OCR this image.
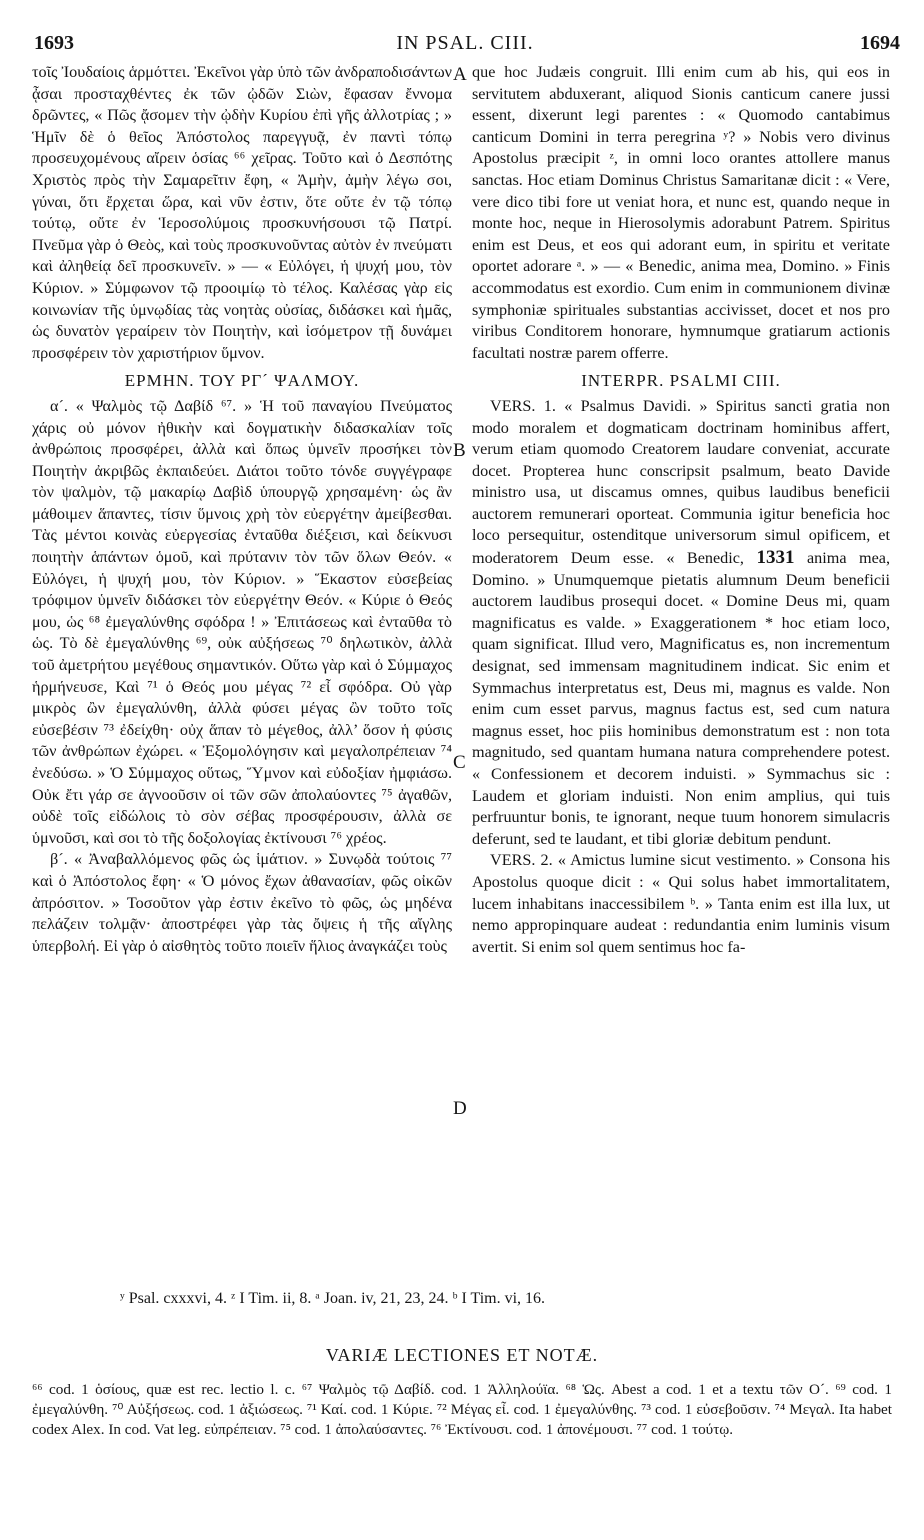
1693	IN PSAL. CIII.	1694

τοῖς Ἰουδαίοις ἁρμόττει. Ἐκεῖνοι γὰρ ὑπὸ τῶν ἀνδραποδισάντων ᾆσαι προσταχθέντες ἐκ τῶν ᾠδῶν Σιὼν, ἔφασαν ἔννομα δρῶντες, « Πῶς ᾄσομεν τὴν ᾠδὴν Κυρίου ἐπὶ γῆς ἀλλοτρίας ; » Ἡμῖν δὲ ὁ θεῖος Ἀπόστολος παρεγγυᾷ, ἐν παντὶ τόπῳ προσευχομένους αἴρειν ὁσίας ⁶⁶ χεῖρας. Τοῦτο καὶ ὁ Δεσπότης Χριστὸς πρὸς τὴν Σαμαρεῖτιν ἔφη, « Ἀμὴν, ἀμὴν λέγω σοι, γύναι, ὅτι ἔρχεται ὥρα, καὶ νῦν ἐστιν, ὅτε οὔτε ἐν τῷ τόπῳ τούτῳ, οὔτε ἐν Ἱεροσολύμοις προσκυνήσουσι τῷ Πατρί. Πνεῦμα γὰρ ὁ Θεὸς, καὶ τοὺς προσκυνοῦντας αὐτὸν ἐν πνεύματι καὶ ἀληθείᾳ δεῖ προσκυνεῖν. » — « Εὐλόγει, ἡ ψυχή μου, τὸν Κύριον. » Σύμφωνον τῷ προοιμίῳ τὸ τέλος. Καλέσας γὰρ εἰς κοινωνίαν τῆς ὑμνῳδίας τὰς νοητὰς οὐσίας, διδάσκει καὶ ἡμᾶς, ὡς δυνατὸν γεραίρειν τὸν Ποιητὴν, καὶ ἰσόμετρον τῇ δυνάμει προσφέρειν τὸν χαριστήριον ὕμνον.

ΕΡΜΗΝ. ΤΟΥ ΡΓ´ ΨΑΛΜΟΥ.

α´. « Ψαλμὸς τῷ Δαβίδ ⁶⁷. » Ἡ τοῦ παναγίου Πνεύματος χάρις οὐ μόνον ἠθικὴν καὶ δογματικὴν διδασκαλίαν τοῖς ἀνθρώποις προσφέρει, ἀλλὰ καὶ ὅπως ὑμνεῖν προσήκει τὸν Ποιητὴν ἀκριβῶς ἐκπαιδεύει. Διάτοι τοῦτο τόνδε συγγέγραφε τὸν ψαλμὸν, τῷ μακαρίῳ Δαβὶδ ὑπουργῷ χρησαμένη· ὡς ἂν μάθοιμεν ἅπαντες, τίσιν ὕμνοις χρὴ τὸν εὐεργέτην ἀμείβεσθαι. Τὰς μέντοι κοινὰς εὐεργεσίας ἐνταῦθα διέξεισι, καὶ δείκνυσι ποιητὴν ἁπάντων ὁμοῦ, καὶ πρύτανιν τὸν τῶν ὅλων Θεόν. « Εὐλόγει, ἡ ψυχή μου, τὸν Κύριον. » Ἕκαστον εὐσεβείας τρόφιμον ὑμνεῖν διδάσκει τὸν εὐεργέτην Θεόν. « Κύριε ὁ Θεός μου, ὡς ⁶⁸ ἐμεγαλύνθης σφόδρα ! » Ἐπιτάσεως καὶ ἐνταῦθα τὸ ὡς. Τὸ δὲ ἐμεγαλύνθης ⁶⁹, οὐκ αὐξήσεως ⁷⁰ δηλωτικὸν, ἀλλὰ τοῦ ἀμετρήτου μεγέθους σημαντικόν. Οὕτω γὰρ καὶ ὁ Σύμμαχος ἡρμήνευσε, Καὶ ⁷¹ ὁ Θεός μου μέγας ⁷² εἶ σφόδρα. Οὐ γὰρ μικρὸς ὢν ἐμεγαλύνθη, ἀλλὰ φύσει μέγας ὢν τοῦτο τοῖς εὐσεβέσιν ⁷³ ἐδείχθη· οὐχ ἅπαν τὸ μέγεθος, ἀλλ’ ὅσον ἡ φύσις τῶν ἀνθρώπων ἐχώρει. « Ἐξομολόγησιν καὶ μεγαλοπρέπειαν ⁷⁴ ἐνεδύσω. » Ὁ Σύμμαχος οὕτως, Ὕμνον καὶ εὐδοξίαν ἠμφιάσω. Οὐκ ἔτι γάρ σε ἀγνοοῦσιν οἱ τῶν σῶν ἀπολαύοντες ⁷⁵ ἀγαθῶν, οὐδὲ τοῖς εἰδώλοις τὸ σὸν σέβας προσφέρουσιν, ἀλλὰ σε ὑμνοῦσι, καὶ σοι τὸ τῆς δοξολογίας ἐκτίνουσι ⁷⁶ χρέος.

β´. « Ἀναβαλλόμενος φῶς ὡς ἱμάτιον. » Συνῳδὰ τούτοις ⁷⁷ καὶ ὁ Ἀπόστολος ἔφη· « Ὁ μόνος ἔχων ἀθανασίαν, φῶς οἰκῶν ἀπρόσιτον. » Τοσοῦτον γὰρ ἐστιν ἐκεῖνο τὸ φῶς, ὡς μηδένα πελάζειν τολμᾷν· ἀποστρέφει γὰρ τὰς ὄψεις ἡ τῆς αἴγλης ὑπερβολή. Εἰ γὰρ ὁ αἰσθητὸς τοῦτο ποιεῖν ἥλιος ἀναγκάζει τοὺς

A
B
C
D

que hoc Judæis congruit. Illi enim cum ab his, qui eos in servitutem abduxerant, aliquod Sionis canticum canere jussi essent, dixerunt legi parentes : « Quomodo cantabimus canticum Domini in terra peregrina ʸ? » Nobis vero divinus Apostolus præcipit ᶻ, in omni loco orantes attollere manus sanctas. Hoc etiam Dominus Christus Samaritanæ dicit : « Vere, vere dico tibi fore ut veniat hora, et nunc est, quando neque in monte hoc, neque in Hierosolymis adorabunt Patrem. Spiritus enim est Deus, et eos qui adorant eum, in spiritu et veritate oportet adorare ᵃ. » — « Benedic, anima mea, Domino. » Finis accommodatus est exordio. Cum enim in communionem divinæ symphoniæ spirituales substantias accivisset, docet et nos pro viribus Conditorem honorare, hymnumque gratiarum actionis facultati nostræ parem offerre.

INTERPR. PSALMI CIII.

VERS. 1. « Psalmus Davidi. » Spiritus sancti gratia non modo moralem et dogmaticam doctrinam hominibus affert, verum etiam quomodo Creatorem laudare conveniat, accurate docet. Propterea hunc conscripsit psalmum, beato Davide ministro usa, ut discamus omnes, quibus laudibus beneficii auctorem remunerari oporteat. Communia igitur beneficia hoc loco persequitur, ostenditque universorum simul opificem, et moderatorem Deum esse. « Benedic, 1331 anima mea, Domino. » Unumquemque pietatis alumnum Deum beneficii auctorem laudibus prosequi docet. « Domine Deus mi, quam magnificatus es valde. » Exaggerationem * hoc etiam loco, quam significat. Illud vero, Magnificatus es, non incrementum designat, sed immensam magnitudinem indicat. Sic enim et Symmachus interpretatus est, Deus mi, magnus es valde. Non enim cum esset parvus, magnus factus est, sed cum natura magnus esset, hoc piis hominibus demonstratum est : non tota magnitudo, sed quantam humana natura comprehendere potest. « Confessionem et decorem induisti. » Symmachus sic : Laudem et gloriam induisti. Non enim amplius, qui tuis perfruuntur bonis, te ignorant, neque tuum honorem simulacris deferunt, sed te laudant, et tibi gloriæ debitum pendunt.

VERS. 2. « Amictus lumine sicut vestimento. » Consona his Apostolus quoque dicit : « Qui solus habet immortalitatem, lucem inhabitans inaccessibilem ᵇ. » Tanta enim est illa lux, ut nemo appropinquare audeat : redundantia enim luminis visum avertit. Si enim sol quem sentimus hoc fa-

ʸ Psal. cxxxvi, 4. ᶻ I Tim. ii, 8. ᵃ Joan. iv, 21, 23, 24. ᵇ I Tim. vi, 16.
VARIÆ LECTIONES ET NOTÆ.

⁶⁶ cod. 1 ὁσίους, quæ est rec. lectio l. c. ⁶⁷ Ψαλμὸς τῷ Δαβίδ. cod. 1 Ἀλληλούϊα. ⁶⁸ Ὡς. Abest a cod. 1 et a textu τῶν Ο´. ⁶⁹ cod. 1 ἐμεγαλύνθη. ⁷⁰ Αὐξήσεως. cod. 1 ἀξιώσεως. ⁷¹ Καί. cod. 1 Κύριε. ⁷² Μέγας εἶ. cod. 1 ἐμεγαλύνθης. ⁷³ cod. 1 εὐσεβοῦσιν. ⁷⁴ Μεγαλ. Ita habet codex Alex. In cod. Vat leg. εὐπρέπειαν. ⁷⁵ cod. 1 ἀπολαύσαντες. ⁷⁶ Ἐκτίνουσι. cod. 1 ἀπονέμουσι. ⁷⁷ cod. 1 τούτῳ.
